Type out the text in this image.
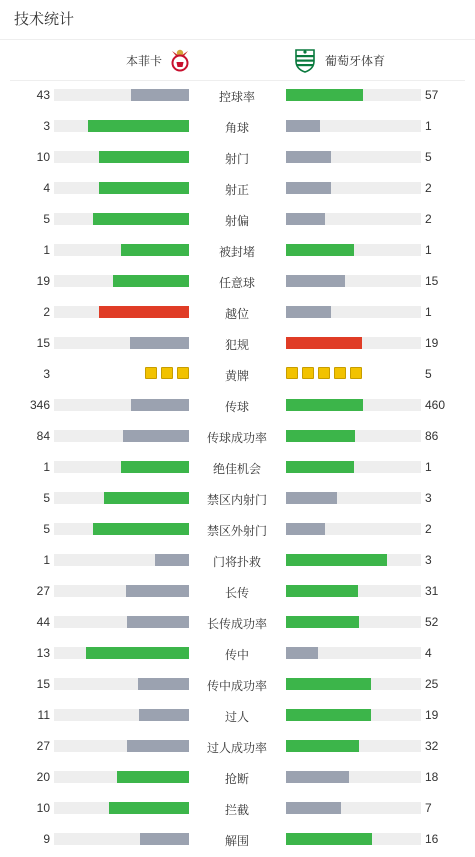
技术统计
本菲卡	葡萄牙体育
43	控球率	57
3	角球	1
10	射门	5
4	射正	2
5	射偏	2
1	被封堵	1
19	任意球	15
2	越位	1
15	犯规	19
3	黄牌	5
346	传球	460
84	传球成功率	86
1	绝佳机会	1
5	禁区内射门	3
5	禁区外射门	2
1	门将扑救	3
27	长传	31
44	长传成功率	52
13	传中	4
15	传中成功率	25
11	过人	19
27	过人成功率	32
20	抢断	18
10	拦截	7
9	解围	16
